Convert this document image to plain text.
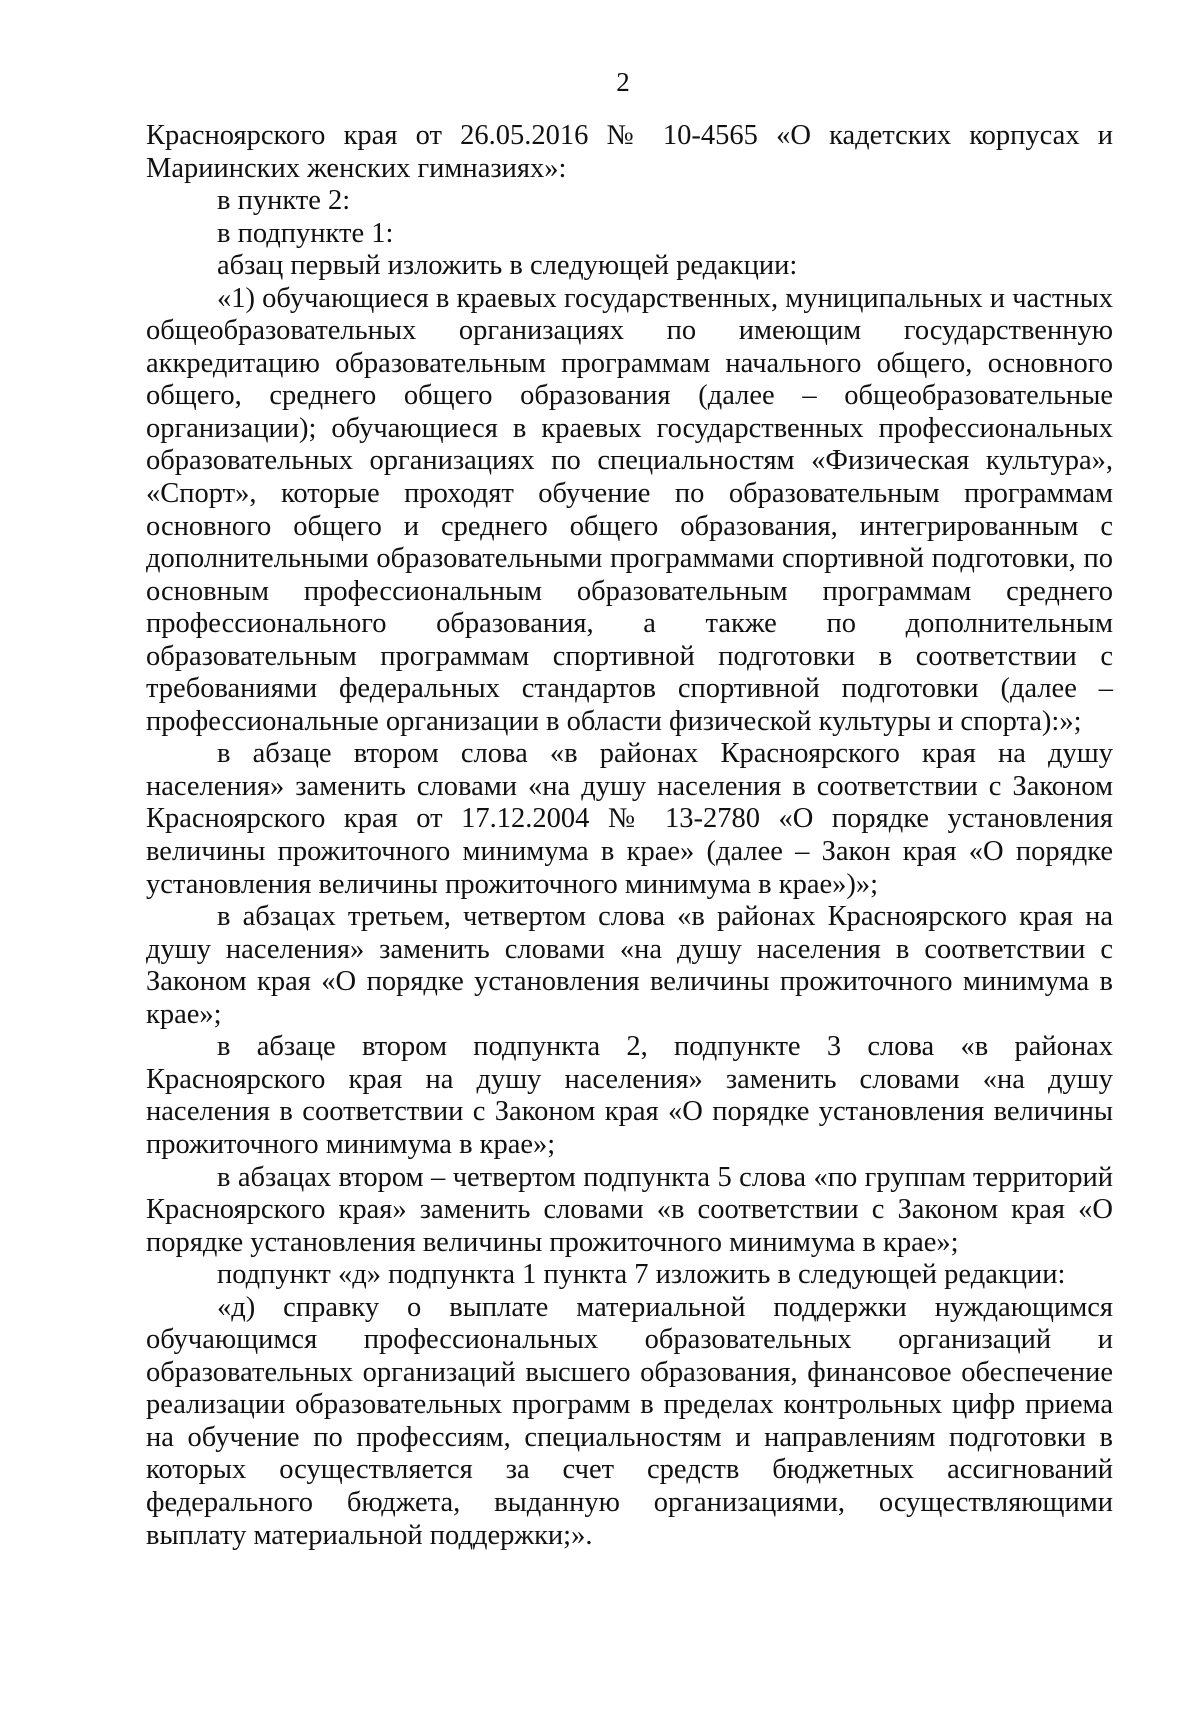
2

Красноярского края от 26.05.2016 № 10-4565 «О кадетских корпусах и Мариинских женских гимназиях»:

в пункте 2:

в подпункте 1:

абзац первый изложить в следующей редакции:

«1) обучающиеся в краевых государственных, муниципальных и частных общеобразовательных организациях по имеющим государственную аккредитацию образовательным программам начального общего, основного общего, среднего общего образования (далее – общеобразовательные организации); обучающиеся в краевых государственных профессиональных образовательных организациях по специальностям «Физическая культура», «Спорт», которые проходят обучение по образовательным программам основного общего и среднего общего образования, интегрированным с дополнительными образовательными программами спортивной подготовки, по основным профессиональным образовательным программам среднего профессионального образования, а также по дополнительным образовательным программам спортивной подготовки в соответствии с требованиями федеральных стандартов спортивной подготовки (далее – профессиональные организации в области физической культуры и спорта):»;

в абзаце втором слова «в районах Красноярского края на душу населения» заменить словами «на душу населения в соответствии с Законом Красноярского края от 17.12.2004 № 13-2780 «О порядке установления величины прожиточного минимума в крае» (далее – Закон края «О порядке установления величины прожиточного минимума в крае»)»;

в абзацах третьем, четвертом слова «в районах Красноярского края на душу населения» заменить словами «на душу населения в соответствии с Законом края «О порядке установления величины прожиточного минимума в крае»;

в абзаце втором подпункта 2, подпункте 3 слова «в районах Красноярского края на душу населения» заменить словами «на душу населения в соответствии с Законом края «О порядке установления величины прожиточного минимума в крае»;

в абзацах втором – четвертом подпункта 5 слова «по группам территорий Красноярского края» заменить словами «в соответствии с Законом края «О порядке установления величины прожиточного минимума в крае»;

подпункт «д» подпункта 1 пункта 7 изложить в следующей редакции:

«д) справку о выплате материальной поддержки нуждающимся обучающимся профессиональных образовательных организаций и образовательных организаций высшего образования, финансовое обеспечение реализации образовательных программ в пределах контрольных цифр приема на обучение по профессиям, специальностям и направлениям подготовки в которых осуществляется за счет средств бюджетных ассигнований федерального бюджета, выданную организациями, осуществляющими выплату материальной поддержки;».
